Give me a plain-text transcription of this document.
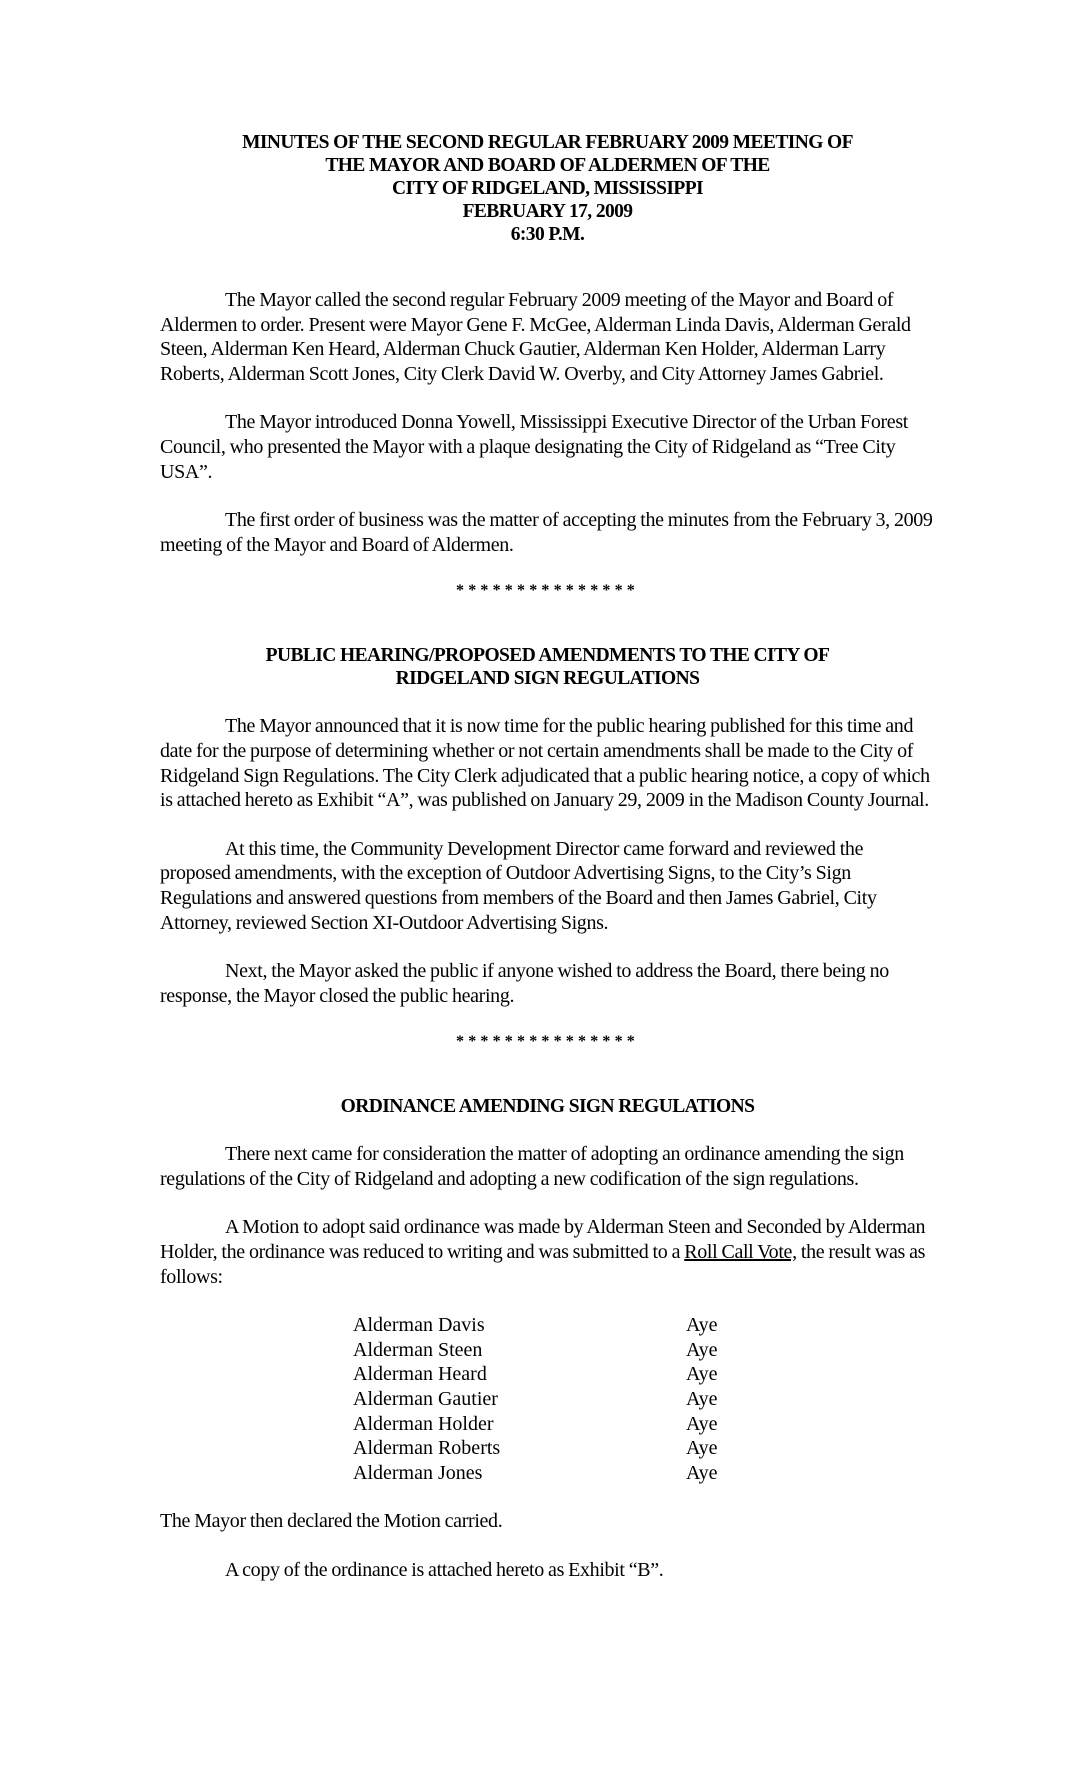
MINUTES OF THE SECOND REGULAR FEBRUARY 2009 MEETING OF
THE MAYOR AND BOARD OF ALDERMEN OF THE
CITY OF RIDGELAND, MISSISSIPPI
FEBRUARY 17, 2009
6:30 P.M.

The Mayor called the second regular February 2009 meeting of the Mayor and Board of Aldermen to order. Present were Mayor Gene F. McGee, Alderman Linda Davis, Alderman Gerald Steen, Alderman Ken Heard, Alderman Chuck Gautier, Alderman Ken Holder, Alderman Larry Roberts, Alderman Scott Jones, City Clerk David W. Overby, and City Attorney James Gabriel.

The Mayor introduced Donna Yowell, Mississippi Executive Director of the Urban Forest Council, who presented the Mayor with a plaque designating the City of Ridgeland as “Tree City USA”.

The first order of business was the matter of accepting the minutes from the February 3, 2009 meeting of the Mayor and Board of Aldermen.

***************
PUBLIC HEARING/PROPOSED AMENDMENTS TO THE CITY OF
RIDGELAND SIGN REGULATIONS

The Mayor announced that it is now time for the public hearing published for this time and date for the purpose of determining whether or not certain amendments shall be made to the City of Ridgeland Sign Regulations. The City Clerk adjudicated that a public hearing notice, a copy of which is attached hereto as Exhibit “A”, was published on January 29, 2009 in the Madison County Journal.

At this time, the Community Development Director came forward and reviewed the proposed amendments, with the exception of Outdoor Advertising Signs, to the City’s Sign Regulations and answered questions from members of the Board and then James Gabriel, City Attorney, reviewed Section XI-Outdoor Advertising Signs.

Next, the Mayor asked the public if anyone wished to address the Board, there being no response, the Mayor closed the public hearing.

***************
ORDINANCE AMENDING SIGN REGULATIONS

There next came for consideration the matter of adopting an ordinance amending the sign regulations of the City of Ridgeland and adopting a new codification of the sign regulations.

A Motion to adopt said ordinance was made by Alderman Steen and Seconded by Alderman Holder, the ordinance was reduced to writing and was submitted to a Roll Call Vote, the result was as follows:

Alderman Davis	Aye
Alderman Steen	Aye
Alderman Heard	Aye
Alderman Gautier	Aye
Alderman Holder	Aye
Alderman Roberts	Aye
Alderman Jones	Aye

The Mayor then declared the Motion carried.

A copy of the ordinance is attached hereto as Exhibit “B”.
